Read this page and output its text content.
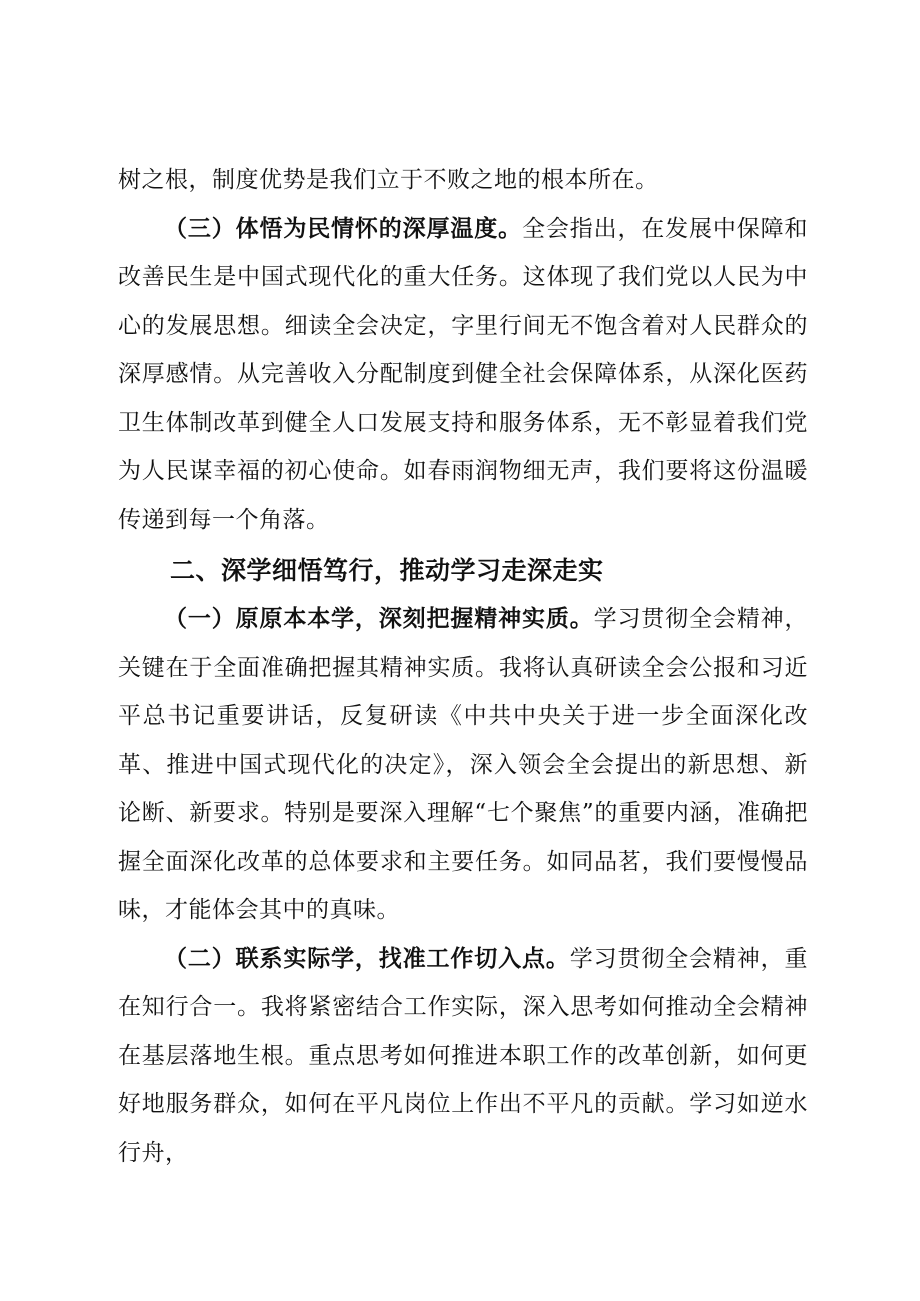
树之根，制度优势是我们立于不败之地的根本所在。

（三）体悟为民情怀的深厚温度。全会指出，在发展中保障和改善民生是中国式现代化的重大任务。这体现了我们党以人民为中心的发展思想。细读全会决定，字里行间无不饱含着对人民群众的深厚感情。从完善收入分配制度到健全社会保障体系，从深化医药卫生体制改革到健全人口发展支持和服务体系，无不彰显着我们党为人民谋幸福的初心使命。如春雨润物细无声，我们要将这份温暖传递到每一个角落。

二、深学细悟笃行，推动学习走深走实

（一）原原本本学，深刻把握精神实质。学习贯彻全会精神，关键在于全面准确把握其精神实质。我将认真研读全会公报和习近平总书记重要讲话，反复研读《中共中央关于进一步全面深化改革、推进中国式现代化的决定》，深入领会全会提出的新思想、新论断、新要求。特别是要深入理解“七个聚焦”的重要内涵，准确把握全面深化改革的总体要求和主要任务。如同品茗，我们要慢慢品味，才能体会其中的真味。

（二）联系实际学，找准工作切入点。学习贯彻全会精神，重在知行合一。我将紧密结合工作实际，深入思考如何推动全会精神在基层落地生根。重点思考如何推进本职工作的改革创新，如何更好地服务群众，如何在平凡岗位上作出不平凡的贡献。学习如逆水行舟，
